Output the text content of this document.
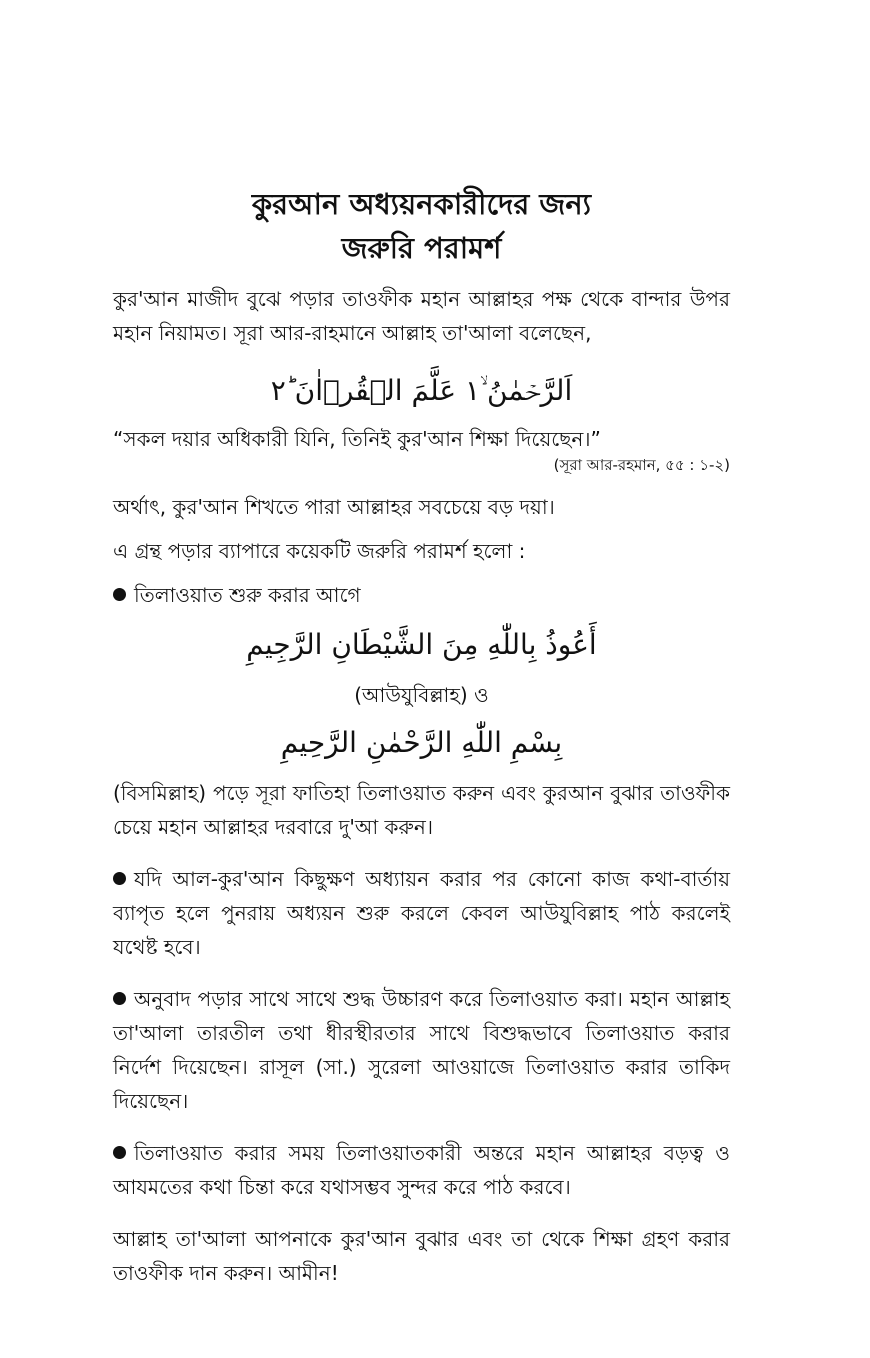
কুরআন অধ্যয়নকারীদের জন্য

জরুরি পরামর্শ

কুর'আন মাজীদ বুঝে পড়ার তাওফীক মহান আল্লাহর পক্ষ থেকে বান্দার উপর মহান নিয়ামত। সূরা আর-রাহমানে আল্লাহ তা'আলা বলেছেন,

اَلرَّحۡمٰنُ ۙ۱ عَلَّمَ الۡقُرۡاٰنَ ؕ۲

“সকল দয়ার অধিকারী যিনি, তিনিই কুর'আন শিক্ষা দিয়েছেন।”

(সূরা আর-রহমান, ৫৫ : ১-২)

অর্থাৎ, কুর'আন শিখতে পারা আল্লাহর সবচেয়ে বড় দয়া।

এ গ্রন্থ পড়ার ব্যাপারে কয়েকটি জরুরি পরামর্শ হলো :

তিলাওয়াত শুরু করার আগে

أَعُوذُ بِاللّٰهِ مِنَ الشَّيْطَانِ الرَّجِيمِ

(আউযুবিল্লাহ) ও

بِسْمِ اللّٰهِ الرَّحْمٰنِ الرَّحِيمِ

(বিসমিল্লাহ) পড়ে সূরা ফাতিহা তিলাওয়াত করুন এবং কুরআন বুঝার তাওফীক চেয়ে মহান আল্লাহর দরবারে দু'আ করুন।

যদি আল-কুর'আন কিছুক্ষণ অধ্যায়ন করার পর কোনো কাজ কথা-বার্তায় ব্যাপৃত হলে পুনরায় অধ্যয়ন শুরু করলে কেবল আউযুবিল্লাহ পাঠ করলেই যথেষ্ট হবে।

অনুবাদ পড়ার সাথে সাথে শুদ্ধ উচ্চারণ করে তিলাওয়াত করা। মহান আল্লাহ তা'আলা তারতীল তথা ধীরস্থীরতার সাথে বিশুদ্ধভাবে তিলাওয়াত করার নির্দেশ দিয়েছেন। রাসূল (সা.) সুরেলা আওয়াজে তিলাওয়াত করার তাকিদ দিয়েছেন।

তিলাওয়াত করার সময় তিলাওয়াতকারী অন্তরে মহান আল্লাহর বড়ত্ব ও আযমতের কথা চিন্তা করে যথাসম্ভব সুন্দর করে পাঠ করবে।

আল্লাহ তা'আলা আপনাকে কুর'আন বুঝার এবং তা থেকে শিক্ষা গ্রহণ করার তাওফীক দান করুন। আমীন!
